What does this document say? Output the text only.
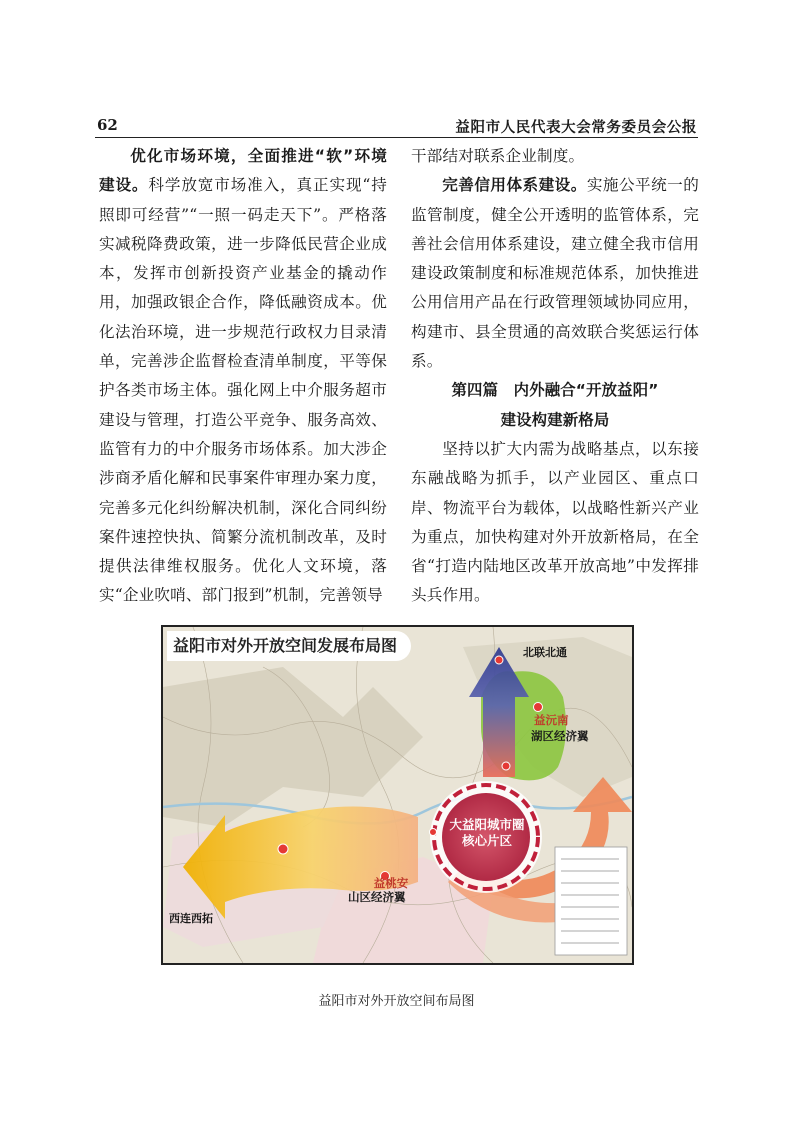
62	益阳市人民代表大会常务委员会公报

优化市场环境，全面推进“软”环境建设。科学放宽市场准入，真正实现“持照即可经营”“一照一码走天下”。严格落实减税降费政策，进一步降低民营企业成本，发挥市创新投资产业基金的撬动作用，加强政银企合作，降低融资成本。优化法治环境，进一步规范行政权力目录清单，完善涉企监督检查清单制度，平等保护各类市场主体。强化网上中介服务超市建设与管理，打造公平竞争、服务高效、监管有力的中介服务市场体系。加大涉企涉商矛盾化解和民事案件审理办案力度，完善多元化纠纷解决机制，深化合同纠纷案件速控快执、简繁分流机制改革，及时提供法律维权服务。优化人文环境，落实“企业吹哨、部门报到”机制，完善领导

干部结对联系企业制度。

完善信用体系建设。实施公平统一的监管制度，健全公开透明的监管体系，完善社会信用体系建设，建立健全我市信用建设政策制度和标准规范体系，加快推进公用信用产品在行政管理领域协同应用，构建市、县全贯通的高效联合奖惩运行体系。

第四篇　内外融合“开放益阳”

建设构建新格局

坚持以扩大内需为战略基点，以东接东融战略为抓手，以产业园区、重点口岸、物流平台为载体，以战略性新兴产业为重点，加快构建对外开放新格局，在全省“打造内陆地区改革开放高地”中发挥排头兵作用。

益阳市对外开放空间发展布局图	北联北通
益沅南
湖区经济翼
大益阳城市圈核心片区
益桃安
山区经济翼
西连西拓
益阳市对外开放空间布局图
